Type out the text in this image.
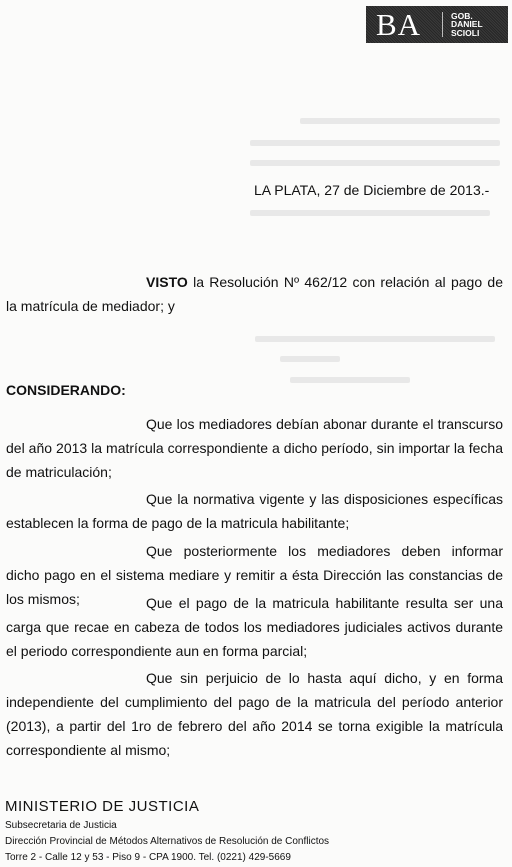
BA	GOB.
DANIEL
SCIOLI
LA PLATA, 27 de Diciembre de 2013.-
VISTO la Resolución Nº 462/12 con relación al pago de la matrícula de mediador; y
CONSIDERANDO:
Que los mediadores debían abonar durante el transcurso del año 2013 la matrícula correspondiente a dicho período, sin importar la fecha de matriculación;
Que la normativa vigente y las disposiciones específicas establecen la forma de pago de la matricula habilitante;
Que posteriormente los mediadores deben informar dicho pago en el sistema mediare y remitir a ésta Dirección las constancias de los mismos;	Que el pago de la matricula habilitante resulta ser una carga que recae en cabeza de todos los mediadores judiciales activos durante el periodo correspondiente aun en forma parcial;
Que sin perjuicio de lo hasta aquí dicho, y en forma independiente del cumplimiento del pago de la matricula del período anterior (2013), a partir del 1ro de febrero del año 2014 se torna exigible la matrícula correspondiente al mismo;
MINISTERIO DE JUSTICIA
Subsecretaria de Justicia
Dirección Provincial de Métodos Alternativos de Resolución de Conflictos
Torre 2 - Calle 12 y 53 - Piso 9 - CPA 1900. Tel. (0221) 429-5669
